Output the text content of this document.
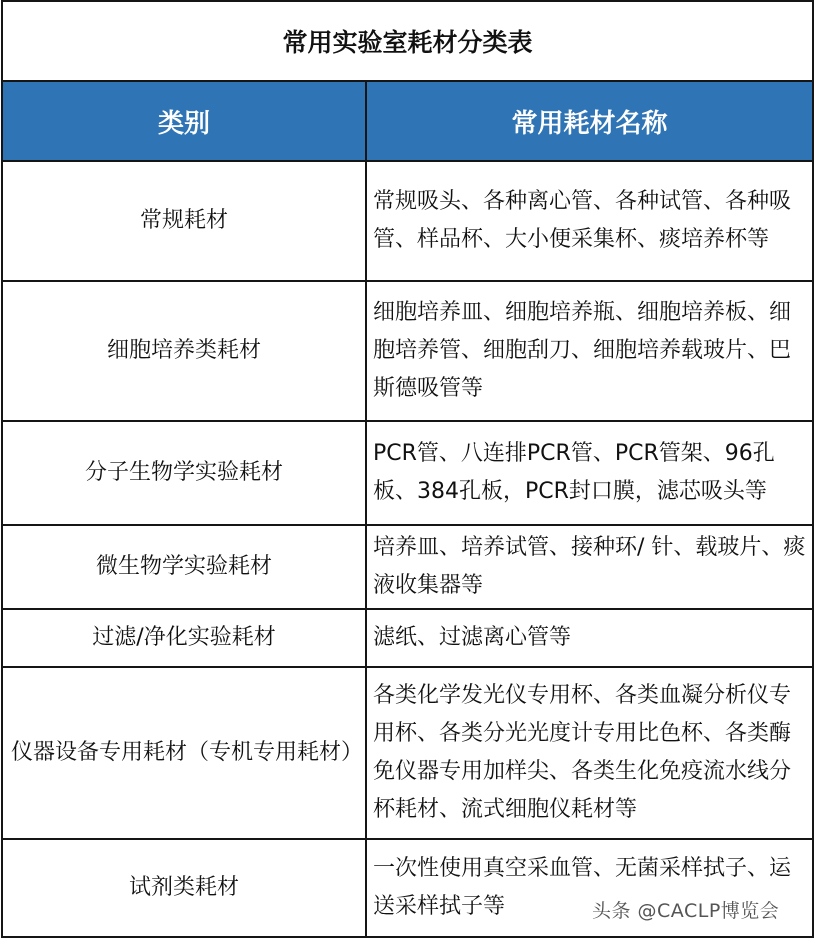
常用实验室耗材分类表	
类别	常用耗材名称
常规耗材	常规吸头、各种离心管、各种试管、各种吸管、样品杯、大小便采集杯、痰培养杯等
细胞培养类耗材	细胞培养皿、细胞培养瓶、细胞培养板、细胞培养管、细胞刮刀、细胞培养载玻片、巴斯德吸管等
分子生物学实验耗材	PCR管、八连排PCR管、PCR管架、96孔板、384孔板，PCR封口膜，滤芯吸头等
微生物学实验耗材	培养皿、培养试管、接种环/ 针、载玻片、痰液收集器等
过滤/净化实验耗材	滤纸、过滤离心管等
仪器设备专用耗材（专机专用耗材）	各类化学发光仪专用杯、各类血凝分析仪专用杯、各类分光光度计专用比色杯、各类酶免仪器专用加样尖、各类生化免疫流水线分杯耗材、流式细胞仪耗材等
试剂类耗材	一次性使用真空采血管、无菌采样拭子、运送采样拭子等	头条 @CACLP博览会
